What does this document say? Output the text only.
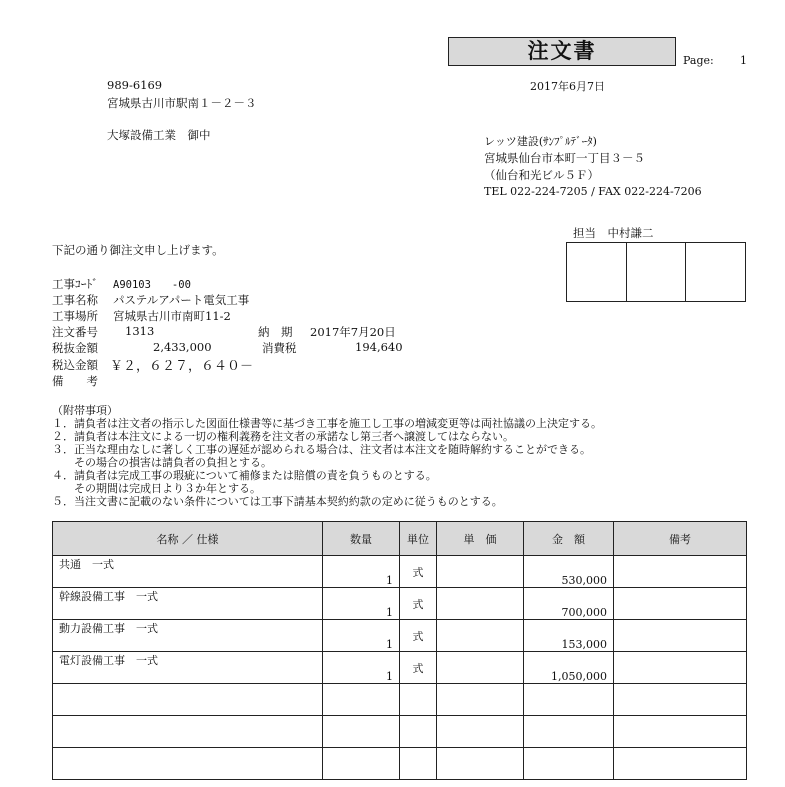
注文書	Page: 1
2017年6月7日
989-6169
宮城県古川市駅南１－２－３
大塚設備工業　御中	レッツ建設(ｻﾝﾌﾟﾙﾃﾞｰﾀ)
宮城県仙台市本町一丁目３－５
（仙台和光ビル５Ｆ）
TEL 022-224-7205 / FAX 022-224-7206
担当　中村謙二
下記の通り御注文申し上げます。
工事ｺｰﾄﾞ A90103　　-00
工事名称 パステルアパート電気工事
工事場所 宮城県古川市南町11-2
注文番号 1313	納　期 2017年7月20日
税抜金額	2,433,000	消費税	194,640
税込金額 ￥２，６２７，６４０－
備　　考
（附帯事項）
１．請負者は注文者の指示した図面仕様書等に基づき工事を施工し工事の増減変更等は両社協議の上決定する。
２．請負者は本注文による一切の権利義務を注文者の承諾なし第三者へ譲渡してはならない。
３．正当な理由なしに著しく工事の遅延が認められる場合は、注文者は本注文を随時解約することができる。
　　その場合の損害は請負者の負担とする。
４．請負者は完成工事の瑕疵について補修または賠償の責を負うものとする。
　　その期間は完成日より３か年とする。
５．当注文書に記載のない条件については工事下請基本契約約款の定めに従うものとする。
名称 ／ 仕様	数量	単位	単　価	金　額	備考
共通　一式	1	式		530,000	
幹線設備工事　一式	1	式		700,000	
動力設備工事　一式	1	式		153,000	
電灯設備工事　一式	1	式		1,050,000	
